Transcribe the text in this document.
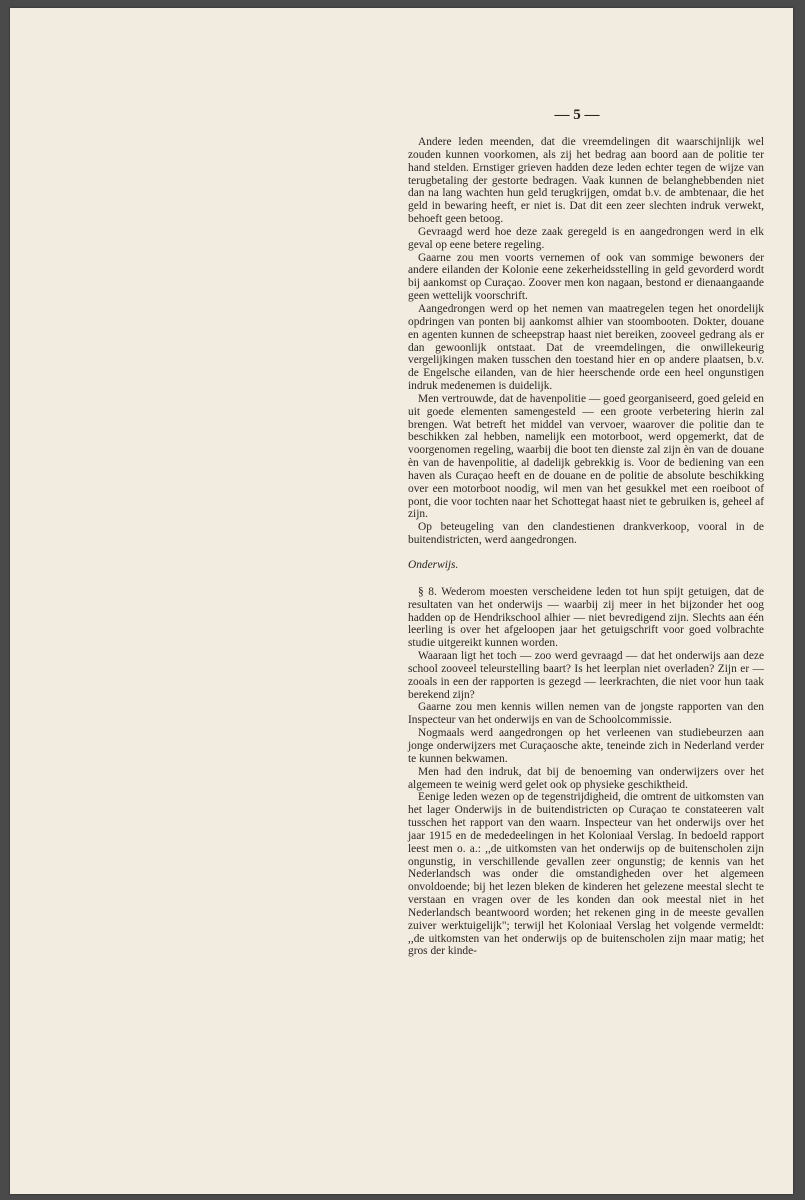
— 5 —

Andere leden meenden, dat die vreemdelingen dit waarschijnlijk wel zouden kunnen voorkomen, als zij het bedrag aan boord aan de politie ter hand stelden. Ernstiger grieven hadden deze leden echter tegen de wijze van terugbetaling der gestorte bedragen. Vaak kunnen de belanghebbenden niet dan na lang wachten hun geld terugkrijgen, omdat b.v. de ambtenaar, die het geld in bewaring heeft, er niet is. Dat dit een zeer slechten indruk verwekt, behoeft geen betoog.

Gevraagd werd hoe deze zaak geregeld is en aangedrongen werd in elk geval op eene betere regeling.

Gaarne zou men voorts vernemen of ook van sommige bewoners der andere eilanden der Kolonie eene zekerheidsstelling in geld gevorderd wordt bij aankomst op Curaçao. Zoover men kon nagaan, bestond er dienaangaande geen wettelijk voorschrift.

Aangedrongen werd op het nemen van maatregelen tegen het onordelijk opdringen van ponten bij aankomst alhier van stoombooten. Dokter, douane en agenten kunnen de scheepstrap haast niet bereiken, zooveel gedrang als er dan gewoonlijk ontstaat. Dat de vreemdelingen, die onwillekeurig vergelijkingen maken tusschen den toestand hier en op andere plaatsen, b.v. de Engelsche eilanden, van de hier heerschende orde een heel ongunstigen indruk medenemen is duidelijk.

Men vertrouwde, dat de havenpolitie — goed georganiseerd, goed geleid en uit goede elementen samengesteld — een groote verbetering hierin zal brengen. Wat betreft het middel van vervoer, waarover die politie dan te beschikken zal hebben, namelijk een motorboot, werd opgemerkt, dat de voorgenomen regeling, waarbij die boot ten dienste zal zijn èn van de douane èn van de havenpolitie, al dadelijk gebrekkig is. Voor de bediening van een haven als Curaçao heeft en de douane en de politie de absolute beschikking over een motorboot noodig, wil men van het gesukkel met een roeiboot of pont, die voor tochten naar het Schottegat haast niet te gebruiken is, geheel af zijn.

Op beteugeling van den clandestienen drankverkoop, vooral in de buitendistricten, werd aangedrongen.

Onderwijs.

§ 8. Wederom moesten verscheidene leden tot hun spijt getuigen, dat de resultaten van het onderwijs — waarbij zij meer in het bijzonder het oog hadden op de Hendrikschool alhier — niet bevredigend zijn. Slechts aan één leerling is over het afgeloopen jaar het getuigschrift voor goed volbrachte studie uitgereikt kunnen worden.

Waaraan ligt het toch — zoo werd gevraagd — dat het onderwijs aan deze school zooveel teleurstelling baart? Is het leerplan niet overladen? Zijn er — zooals in een der rapporten is gezegd — leerkrachten, die niet voor hun taak berekend zijn?

Gaarne zou men kennis willen nemen van de jongste rapporten van den Inspecteur van het onderwijs en van de Schoolcommissie.

Nogmaals werd aangedrongen op het verleenen van studiebeurzen aan jonge onderwijzers met Curaçaosche akte, teneinde zich in Nederland verder te kunnen bekwamen.

Men had den indruk, dat bij de benoeming van onderwijzers over het algemeen te weinig werd gelet ook op physieke geschiktheid.

Eenige leden wezen op de tegenstrijdigheid, die omtrent de uitkomsten van het lager Onderwijs in de buitendistricten op Curaçao te constateeren valt tusschen het rapport van den waarn. Inspecteur van het onderwijs over het jaar 1915 en de mededeelingen in het Koloniaal Verslag. In bedoeld rapport leest men o. a.: ,,de uitkomsten van het onderwijs op de buitenscholen zijn ongunstig, in verschillende gevallen zeer ongunstig; de kennis van het Nederlandsch was onder die omstandigheden over het algemeen onvoldoende; bij het lezen bleken de kinderen het gelezene meestal slecht te verstaan en vragen over de les konden dan ook meestal niet in het Nederlandsch beantwoord worden; het rekenen ging in de meeste gevallen zuiver werktuigelijk"; terwijl het Koloniaal Verslag het volgende vermeldt: ,,de uitkomsten van het onderwijs op de buitenscholen zijn maar matig; het gros der kinde-
